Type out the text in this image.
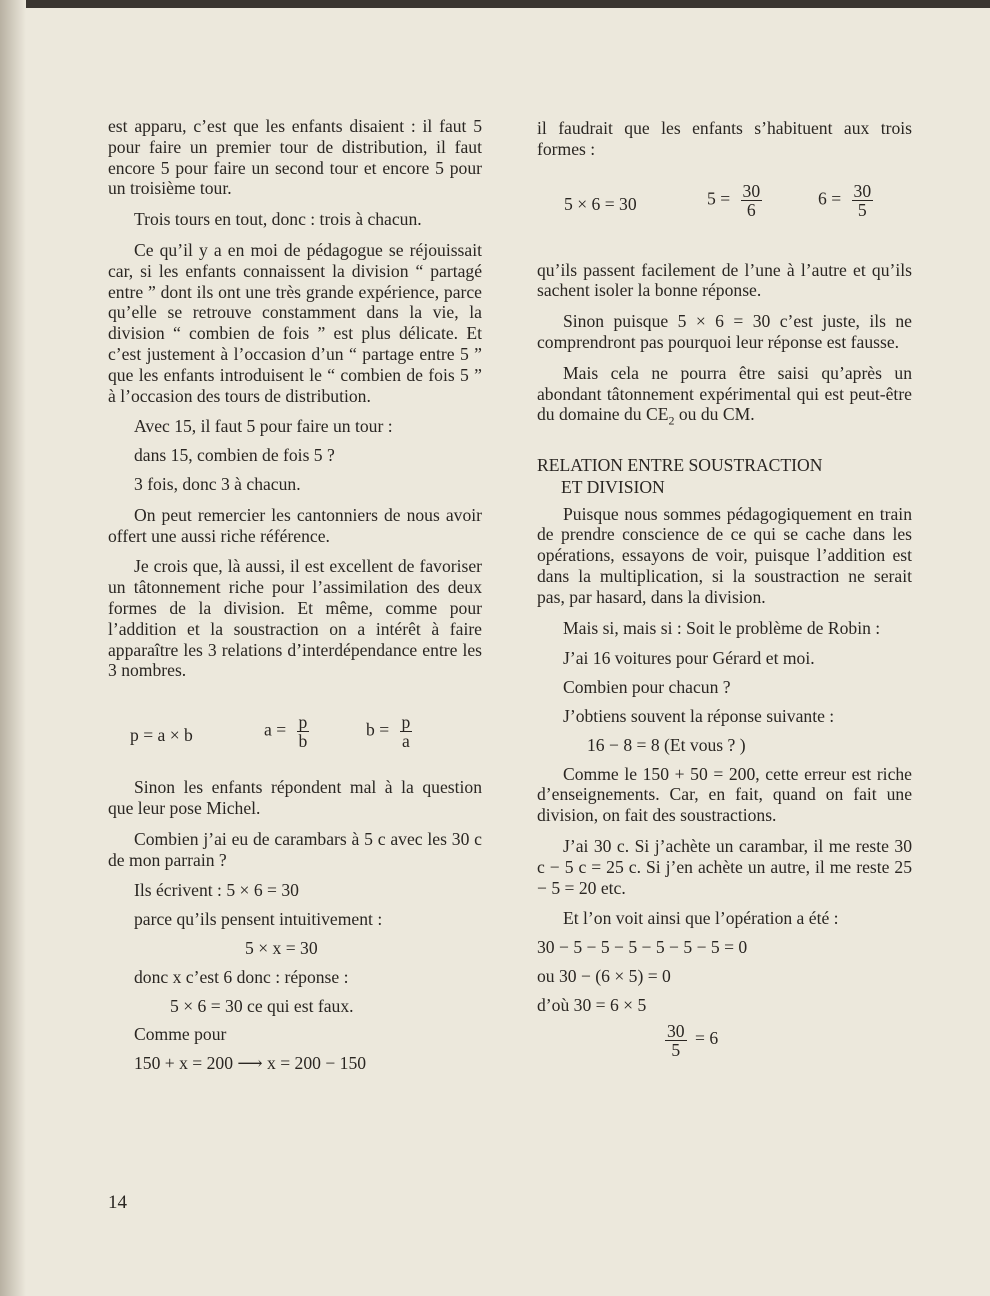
est apparu, c’est que les enfants disaient : il faut 5 pour faire un premier tour de distribution, il faut encore 5 pour faire un second tour et encore 5 pour un troisième tour.

Trois tours en tout, donc : trois à chacun.

Ce qu’il y a en moi de pédagogue se réjouissait car, si les enfants connaissent la division “ partagé entre ” dont ils ont une très grande expérience, parce qu’elle se retrouve constamment dans la vie, la division “ combien de fois ” est plus délicate. Et c’est justement à l’occasion d’un “ partage entre 5 ” que les enfants introduisent le “ combien de fois 5 ” à l’occasion des tours de distribution.

Avec 15, il faut 5 pour faire un tour :
dans 15, combien de fois 5 ?
3 fois, donc 3 à chacun.

On peut remercier les cantonniers de nous avoir offert une aussi riche référence.

Je crois que, là aussi, il est excellent de favoriser un tâtonnement riche pour l’assimilation des deux formes de la division. Et même, comme pour l’addition et la soustraction on a intérêt à faire apparaître les 3 relations d’interdépendance entre les 3 nombres.

p = a × b	$a = \frac{p}{b}$	$b = \frac{p}{a}$

Sinon les enfants répondent mal à la question que leur pose Michel.

Combien j’ai eu de carambars à 5 c avec les 30 c de mon parrain ?

Ils écrivent : 5 × 6 = 30
parce qu’ils pensent intuitivement :
5 × x = 30
donc x c’est 6 donc : réponse :
5 × 6 = 30 ce qui est faux.
Comme pour
150 + x = 200 ⟶ x = 200 − 150

il faudrait que les enfants s’habituent aux trois formes :

5 × 6 = 30	$5 = \frac{30}{6}$	$6 = \frac{30}{5}$

qu’ils passent facilement de l’une à l’autre et qu’ils sachent isoler la bonne réponse.

Sinon puisque 5 × 6 = 30 c’est juste, ils ne comprendront pas pourquoi leur réponse est fausse.

Mais cela ne pourra être saisi qu’après un abondant tâtonnement expérimental qui est peut-être du domaine du $CE_2$ ou du CM.

RELATION ENTRE SOUSTRACTION
ET DIVISION

Puisque nous sommes pédagogiquement en train de prendre conscience de ce qui se cache dans les opérations, essayons de voir, puisque l’addition est dans la multiplication, si la soustraction ne serait pas, par hasard, dans la division.

Mais si, mais si : Soit le problème de Robin :

J’ai 16 voitures pour Gérard et moi.
Combien pour chacun ?
J’obtiens souvent la réponse suivante :
16 − 8 = 8 (Et vous ? )

Comme le 150 + 50 = 200, cette erreur est riche d’enseignements. Car, en fait, quand on fait une division, on fait des soustractions.

J’ai 30 c. Si j’achète un carambar, il me reste 30 c − 5 c = 25 c. Si j’en achète un autre, il me reste 25 − 5 = 20 etc.

Et l’on voit ainsi que l’opération a été :

30 − 5 − 5 − 5 − 5 − 5 − 5 = 0
ou 30 − (6 × 5) = 0
d’où 30 = 6 × 5
$\frac{30}{5} = 6$
14
